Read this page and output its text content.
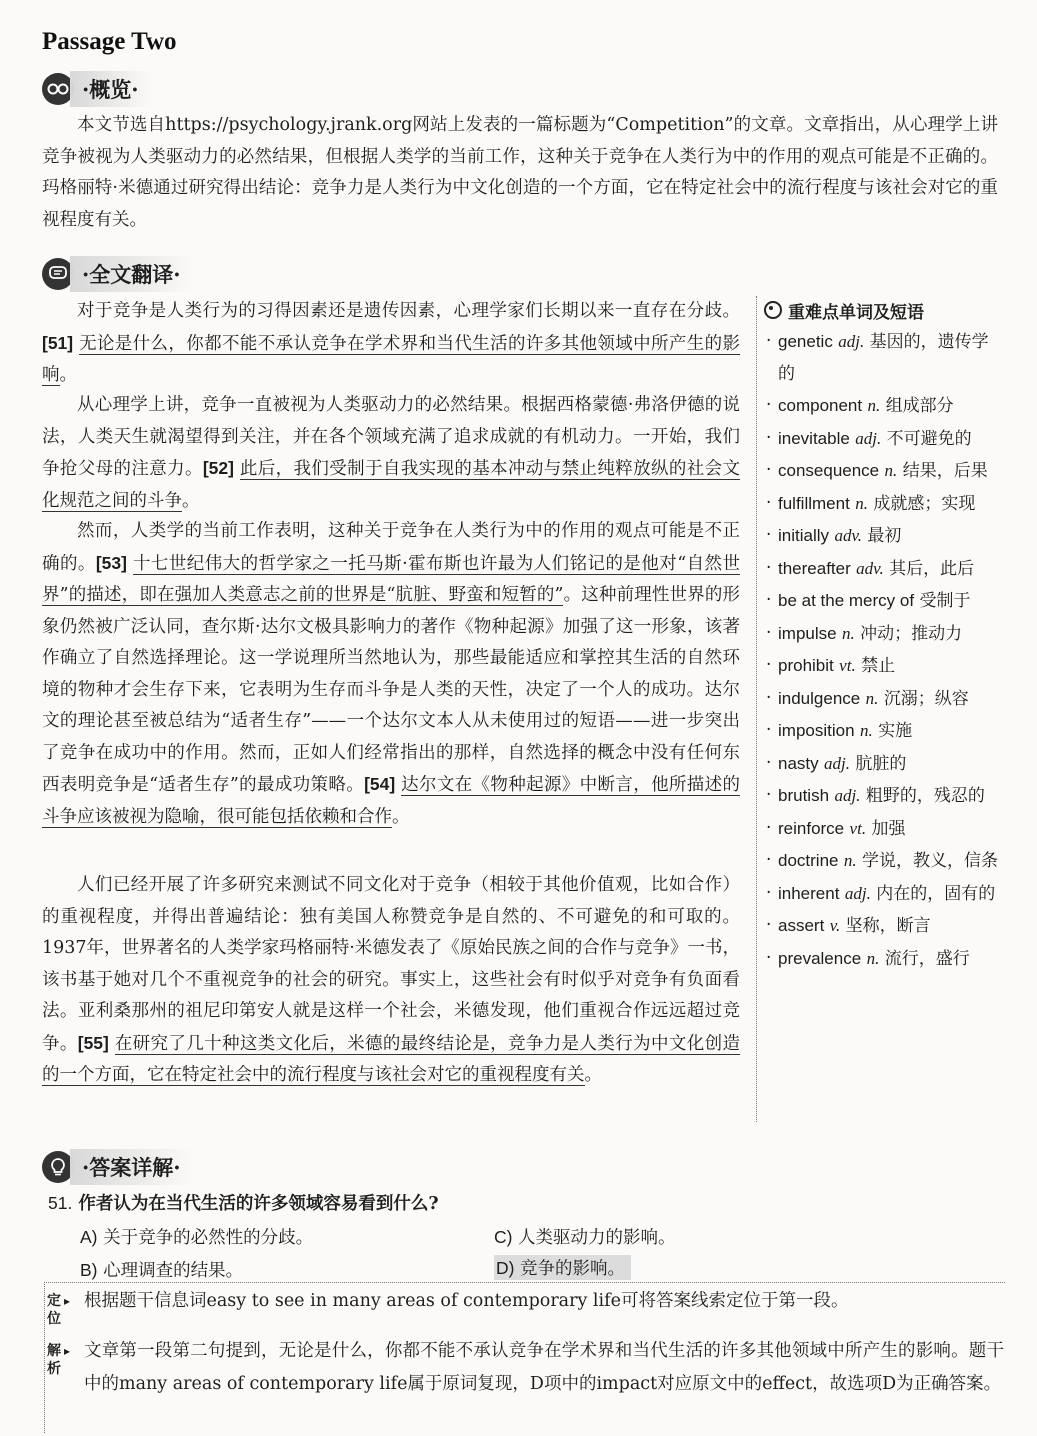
Passage Two
·概览·

本文节选自https://psychology.jrank.org网站上发表的一篇标题为“Competition”的文章。文章指出，从心理学上讲竞争被视为人类驱动力的必然结果，但根据人类学的当前工作，这种关于竞争在人类行为中的作用的观点可能是不正确的。玛格丽特·米德通过研究得出结论：竞争力是人类行为中文化创造的一个方面，它在特定社会中的流行程度与该社会对它的重视程度有关。

·全文翻译·

对于竞争是人类行为的习得因素还是遗传因素，心理学家们长期以来一直存在分歧。[51] 无论是什么，你都不能不承认竞争在学术界和当代生活的许多其他领域中所产生的影响。

从心理学上讲，竞争一直被视为人类驱动力的必然结果。根据西格蒙德·弗洛伊德的说法，人类天生就渴望得到关注，并在各个领域充满了追求成就的有机动力。一开始，我们争抢父母的注意力。[52] 此后，我们受制于自我实现的基本冲动与禁止纯粹放纵的社会文化规范之间的斗争。

然而，人类学的当前工作表明，这种关于竞争在人类行为中的作用的观点可能是不正确的。[53] 十七世纪伟大的哲学家之一托马斯·霍布斯也许最为人们铭记的是他对“自然世界”的描述，即在强加人类意志之前的世界是“肮脏、野蛮和短暂的”。这种前理性世界的形象仍然被广泛认同，查尔斯·达尔文极具影响力的著作《物种起源》加强了这一形象，该著作确立了自然选择理论。这一学说理所当然地认为，那些最能适应和掌控其生活的自然环境的物种才会生存下来，它表明为生存而斗争是人类的天性，决定了一个人的成功。达尔文的理论甚至被总结为“适者生存”——一个达尔文本人从未使用过的短语——进一步突出了竞争在成功中的作用。然而，正如人们经常指出的那样，自然选择的概念中没有任何东西表明竞争是“适者生存”的最成功策略。[54] 达尔文在《物种起源》中断言，他所描述的斗争应该被视为隐喻，很可能包括依赖和合作。

人们已经开展了许多研究来测试不同文化对于竞争（相较于其他价值观，比如合作）的重视程度，并得出普遍结论：独有美国人称赞竞争是自然的、不可避免的和可取的。1937年，世界著名的人类学家玛格丽特·米德发表了《原始民族之间的合作与竞争》一书，该书基于她对几个不重视竞争的社会的研究。事实上，这些社会有时似乎对竞争有负面看法。亚利桑那州的祖尼印第安人就是这样一个社会，米德发现，他们重视合作远远超过竞争。[55] 在研究了几十种这类文化后，米德的最终结论是，竞争力是人类行为中文化创造的一个方面，它在特定社会中的流行程度与该社会对它的重视程度有关。

重难点单词及短语
· genetic adj. 基因的，遗传学的
· component n. 组成部分
· inevitable adj. 不可避免的
· consequence n. 结果，后果
· fulfillment n. 成就感；实现
· initially adv. 最初
· thereafter adv. 其后，此后
· be at the mercy of 受制于
· impulse n. 冲动；推动力
· prohibit vt. 禁止
· indulgence n. 沉溺；纵容
· imposition n. 实施
· nasty adj. 肮脏的
· brutish adj. 粗野的，残忍的
· reinforce vt. 加强
· doctrine n. 学说，教义，信条
· inherent adj. 内在的，固有的
· assert v. 坚称，断言
· prevalence n. 流行，盛行
·答案详解·
51. 作者认为在当代生活的许多领域容易看到什么?
A) 关于竞争的必然性的分歧。
B) 心理调查的结果。
C) 人类驱动力的影响。
D) 竞争的影响。
定位
▸ 根据题干信息词easy to see in many areas of contemporary life可将答案线索定位于第一段。
解析
▸ 文章第一段第二句提到，无论是什么，你都不能不承认竞争在学术界和当代生活的许多其他领域中所产生的影响。题干中的many areas of contemporary life属于原词复现，D项中的impact对应原文中的effect，故选项D为正确答案。
